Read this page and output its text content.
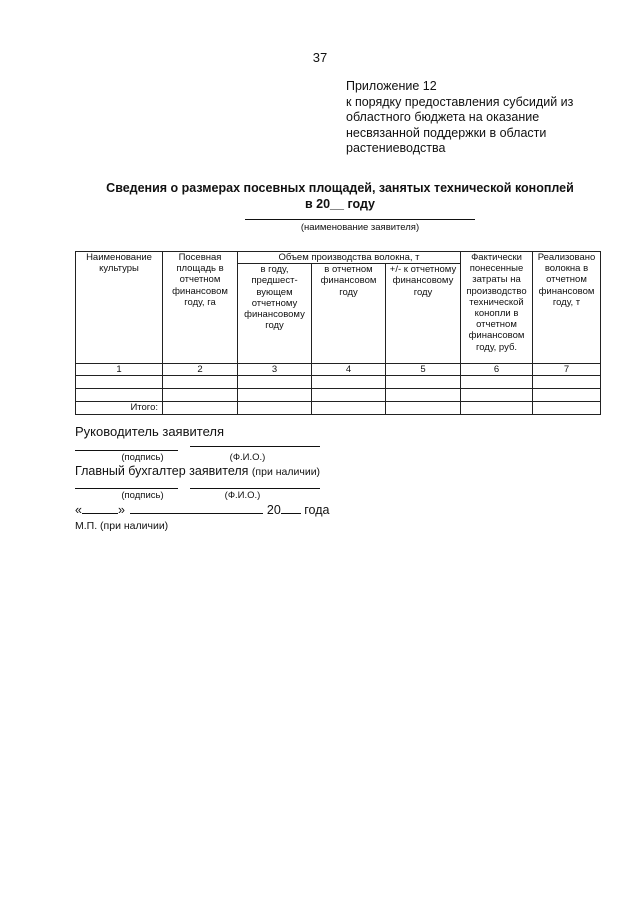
37
Приложение 12
к порядку предоставления субсидий из
областного бюджета на оказание
несвязанной поддержки в области
растениеводства
Сведения о размерах посевных площадей, занятых технической коноплей
в 20__ году
(наименование заявителя)
Наименование культуры	Посевная площадь в отчетном финансовом году, га	Объем производства волокна, т			Фактически понесенные затраты на производство технической конопли в отчетном финансовом году, руб.	Реализовано волокна в отчетном финансовом году, т
		в году, предшест-вующем отчетному финансовому году	в отчетном финансовом году	+/- к отчетному финансовому году		
1	2	3	4	5	6	7

Итого:						
Руководитель заявителя
(подпись)	(Ф.И.О.)
Главный бухгалтер заявителя (при наличии)
(подпись)	(Ф.И.О.)
«	»	20 года
М.П. (при наличии)
